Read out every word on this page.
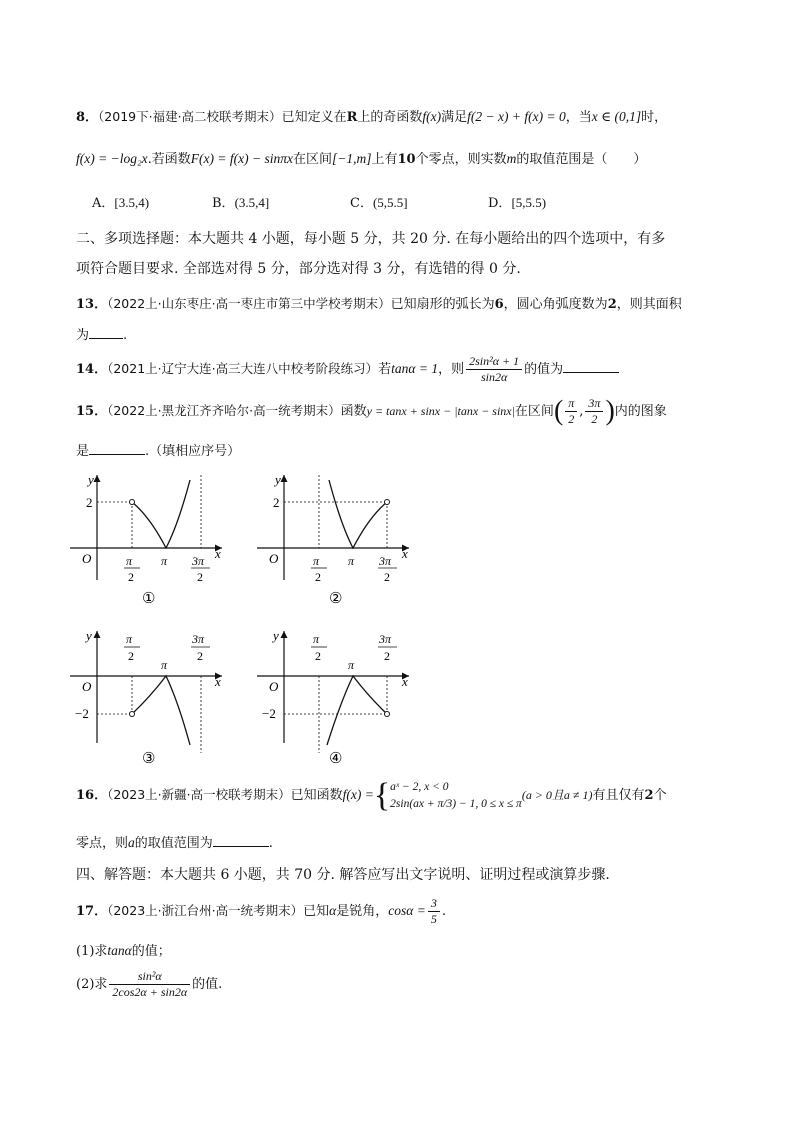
8．（2019下·福建·高二校联考期末）已知定义在R上的奇函数f(x)满足f(2 − x) + f(x) = 0，当x ∈ (0,1]时，
f(x) = −log₂x.若函数F(x) = f(x) − sinπx在区间[−1,m]上有10个零点，则实数m的取值范围是（　　）
A．[3.5,4)	B．(3.5,4]	C．(5,5.5]	D．[5,5.5)
二、多项选择题：本大题共 4 小题，每小题 5 分，共 20 分. 在每小题给出的四个选项中，有多
项符合题目要求. 全部选对得 5 分，部分选对得 3 分，有选错的得 0 分.
13．（2022上·山东枣庄·高一枣庄市第三中学校考期末）已知扇形的弧长为6，圆心角弧度数为2，则其面积
为	.
14．（2021上·辽宁大连·高三大连八中校考阶段练习）若tanα = 1，则 $\frac{\text{2sin²α + 1}}{\sin 2\alpha}$ 的值为
15．（2022上·黑龙江齐齐哈尔·高一统考期末）函数y = tanx + sinx − |tanx − sinx|在区间( $\frac{\pi}{2}$ , $\frac{3\pi}{2}$ )内的图象
是	.（填相应序号）
y
x
O
2
π
2
π 3π
2
①
y
x
O
2
π
2
π 3π
2
②
y
x
O
−2
π
2
π
3π
2
③
y
x
O
−2
π
2
π
3π
2
④
16．（2023上·新疆·高一校联考期末）已知函数f(x) ={ aˣ − 2, x < 0
2sin(ax + π/3) − 1, 0 ≤ x ≤ π
(a > 0且a ≠ 1)有且仅有2个
零点，则a的取值范围为	.
四、解答题：本大题共 6 小题，共 70 分. 解答应写出文字说明、证明过程或演算步骤.
17．（2023上·浙江台州·高一统考期末）已知α是锐角，$\cos\alpha = \frac{3}{5}$ .
(1)求tanα的值；
(2)求 $\frac{\text{sin²α}}{2\cos 2\alpha + \sin 2\alpha}$ 的值.
